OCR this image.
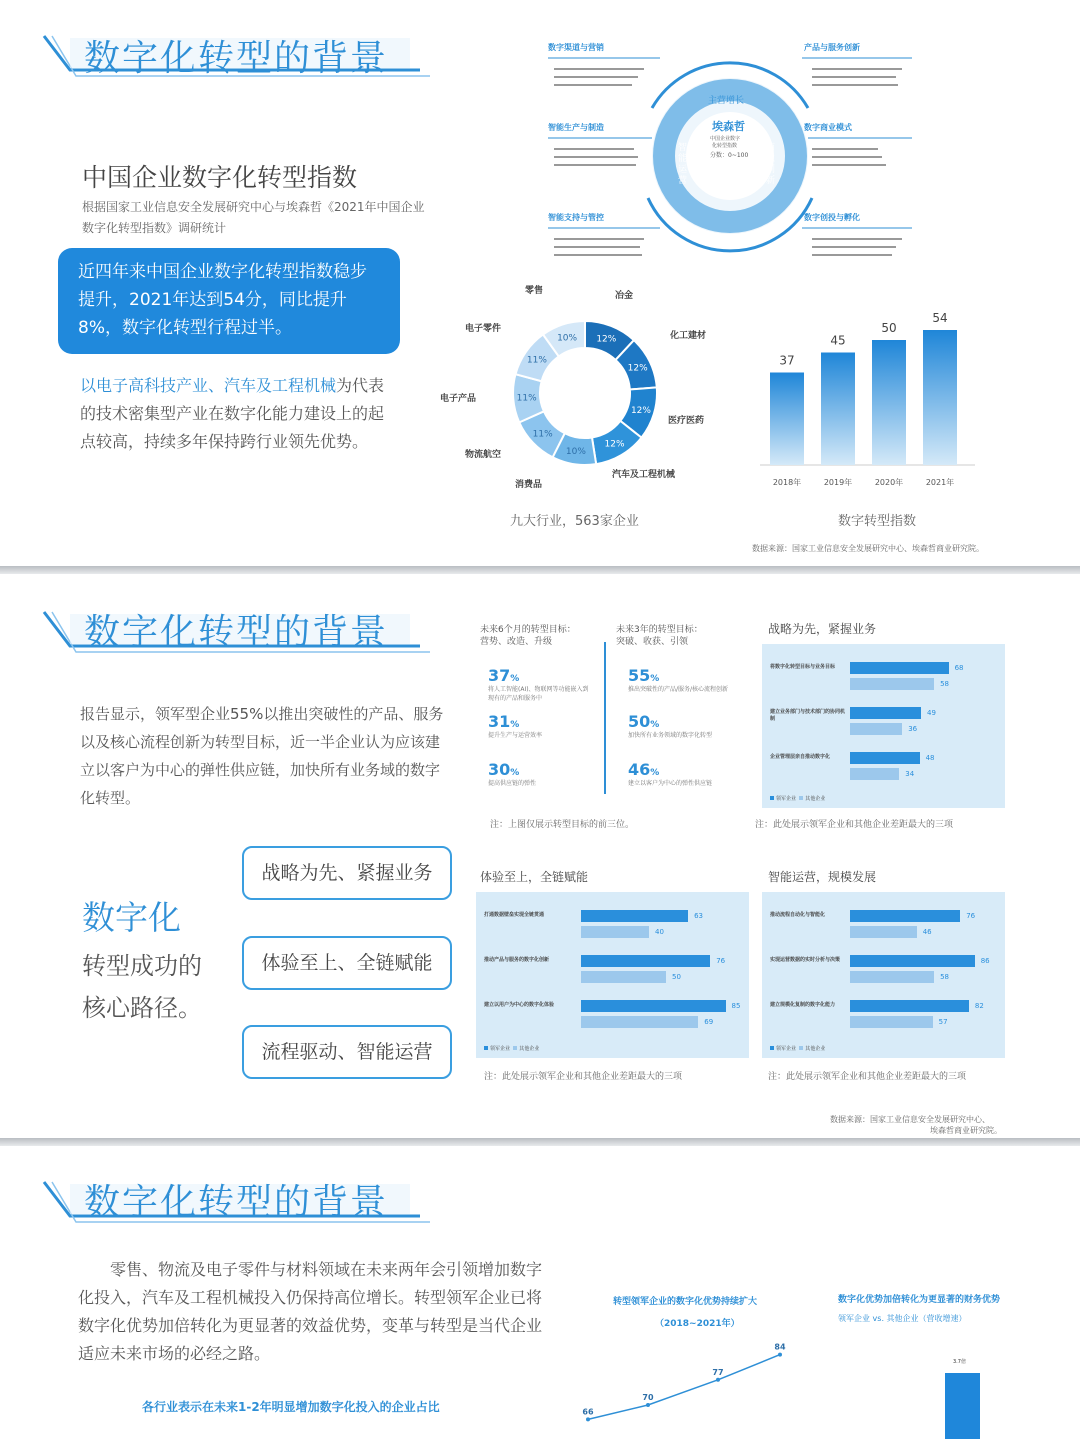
数字化转型的背景
中国企业数字化转型指数
根据国家工业信息安全发展研究中心与埃森哲《2021年中国企业数字化转型指数》调研统计
近四年来中国企业数字化转型指数稳步提升，2021年达到54分，同比提升8%，数字化转型行程过半。
以电子高科技产业、汽车及工程机械为代表的技术密集型产业在数字化能力建设上的起点较高，持续多年保持跨行业领先优势。
数字渠道与营销	产品与服务创新
智能生产与制造	数字商业模式
智能支持与管控	数字创投与孵化
主营增长
埃森哲
中国企业数字
化转型指数
分数：0~100
智能运营
商业创新
12%
冶金
12%
化工建材
12%
医疗医药
12%
汽车及工程机械
10%
消费品
11%
物流航空
11%
电子产品
11%
电子零件
10%
零售
九大行业，563家企业
37
2018年
45
2019年
50
2020年
54
2021年
数字转型指数
数据来源：国家工业信息安全发展研究中心、埃森哲商业研究院。
数字化转型的背景
报告显示，领军型企业55%以推出突破性的产品、服务以及核心流程创新为转型目标，近一半企业认为应该建立以客户为中心的弹性供应链，加快所有业务域的数字化转型。
数字化
转型成功的
核心路径。
战略为先、紧握业务
体验至上、全链赋能
流程驱动、智能运营
未来6个月的转型目标：
营势、改造、升级
未来3年的转型目标：
突破、收获、引领
37%
将人工智能(AI)、物联网等功能嵌入到现有的产品和服务中
31%
提升生产与运营效率
30%
提高供应链的弹性
55%
推出突破性的产品/服务/核心流程创新
50%
加快所有业务领域的数字化转型
46%
建立以客户为中心的弹性供应链
注：上图仅展示转型目标的前三位。
战略为先，紧握业务
体验至上，全链赋能	智能运营，规模发展
将数字化转型目标与业务目标	68
58
建立业务部门与技术部门的协同机制
49
36
企业管理层亲自推动数字化	48
34
领军企业 其他企业
打通数据壁垒实现全链贯通	63
40
推动产品与服务的数字化创新	76
50
建立以用户为中心的数字化体验	85
69
领军企业 其他企业
推动流程自动化与智能化	76
46
实现运营数据的实时分析与决策	86
58
建立规模化复制的数字化能力	82
57
领军企业 其他企业
注：此处展示领军企业和其他企业差距最大的三项
注：此处展示领军企业和其他企业差距最大的三项	注：此处展示领军企业和其他企业差距最大的三项
数据来源：国家工业信息安全发展研究中心、
埃森哲商业研究院。
数字化转型的背景
零售、物流及电子零件与材料领域在未来两年会引领增加数字化投入，汽车及工程机械投入仍保持高位增长。转型领军企业已将数字化优势加倍转化为更显著的效益优势，变革与转型是当代企业适应未来市场的必经之路。
各行业表示在未来1-2年明显增加数字化投入的企业占比
转型领军企业的数字化优势持续扩大
（2018~2021年）
数字化优势加倍转化为更显著的财务优势
领军企业 vs. 其他企业（营收增速）
66
70
77
84
3.7倍
